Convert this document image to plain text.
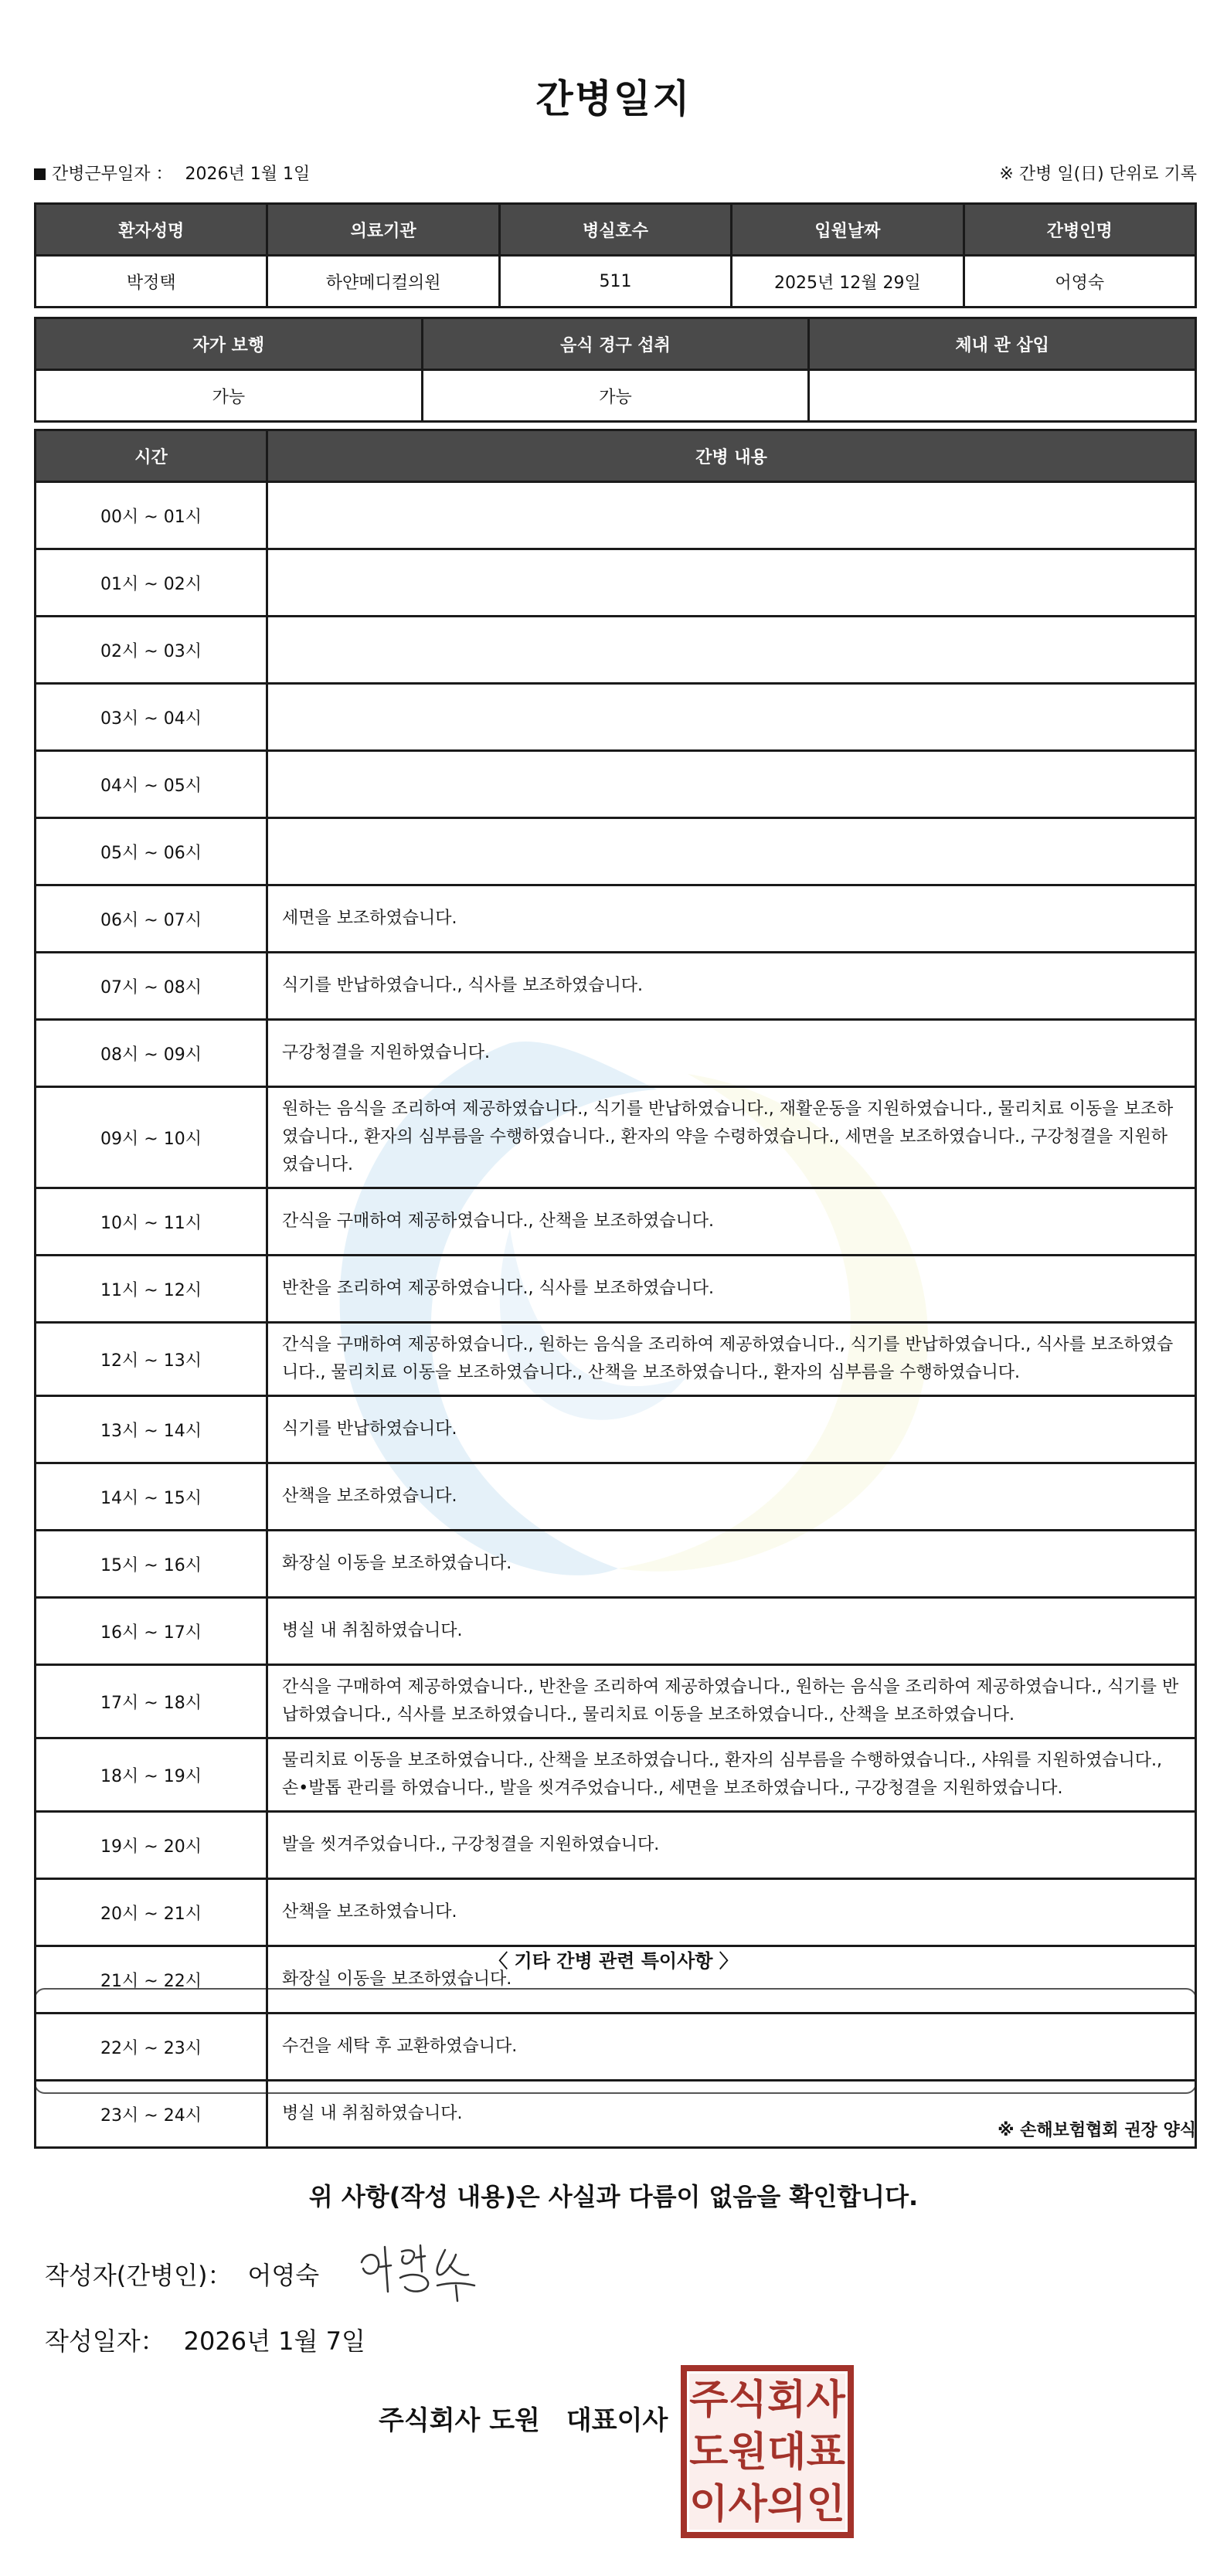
간병일지
간병근무일자 ： 2026년 1월 1일	※ 간병 일(日) 단위로 기록
환자성명	의료기관	병실호수	입원날짜	간병인명
박정택	하얀메디컬의원	511	2025년 12월 29일	어영숙
자가 보행	음식 경구 섭취	체내 관 삽입
가능	가능	
시간	간병 내용
00시 ~ 01시	
01시 ~ 02시	
02시 ~ 03시	
03시 ~ 04시	
04시 ~ 05시	
05시 ~ 06시	
06시 ~ 07시	세면을 보조하였습니다.
07시 ~ 08시	식기를 반납하였습니다., 식사를 보조하였습니다.
08시 ~ 09시	구강청결을 지원하였습니다.
09시 ~ 10시	원하는 음식을 조리하여 제공하였습니다., 식기를 반납하였습니다., 재활운동을 지원하였습니다., 물리치료 이동을 보조하였습니다., 환자의 심부름을 수행하였습니다., 환자의 약을 수령하였습니다., 세면을 보조하였습니다., 구강청결을 지원하였습니다.
10시 ~ 11시	간식을 구매하여 제공하였습니다., 산책을 보조하였습니다.
11시 ~ 12시	반찬을 조리하여 제공하였습니다., 식사를 보조하였습니다.
12시 ~ 13시	간식을 구매하여 제공하였습니다., 원하는 음식을 조리하여 제공하였습니다., 식기를 반납하였습니다., 식사를 보조하였습니다., 물리치료 이동을 보조하였습니다., 산책을 보조하였습니다., 환자의 심부름을 수행하였습니다.
13시 ~ 14시	식기를 반납하였습니다.
14시 ~ 15시	산책을 보조하였습니다.
15시 ~ 16시	화장실 이동을 보조하였습니다.
16시 ~ 17시	병실 내 취침하였습니다.
17시 ~ 18시	간식을 구매하여 제공하였습니다., 반찬을 조리하여 제공하였습니다., 원하는 음식을 조리하여 제공하였습니다., 식기를 반납하였습니다., 식사를 보조하였습니다., 물리치료 이동을 보조하였습니다., 산책을 보조하였습니다.
18시 ~ 19시	물리치료 이동을 보조하였습니다., 산책을 보조하였습니다., 환자의 심부름을 수행하였습니다., 샤워를 지원하였습니다., 손•발톱 관리를 하였습니다., 발을 씻겨주었습니다., 세면을 보조하였습니다., 구강청결을 지원하였습니다.
19시 ~ 20시	발을 씻겨주었습니다., 구강청결을 지원하였습니다.
20시 ~ 21시	산책을 보조하였습니다.
21시 ~ 22시	화장실 이동을 보조하였습니다.
22시 ~ 23시	수건을 세탁 후 교환하였습니다.
23시 ~ 24시	병실 내 취침하였습니다.
〈 기타 간병 관련 특이사항 〉
※ 손해보험협회 권장 양식
위 사항(작성 내용)은 사실과 다름이 없음을 확인합니다.
작성자(간병인)： 어영숙
작성일자： 2026년 1월 7일
주식회사 도원 대표이사 주 식 회 사
도 원 대 표
이 사 의 인
